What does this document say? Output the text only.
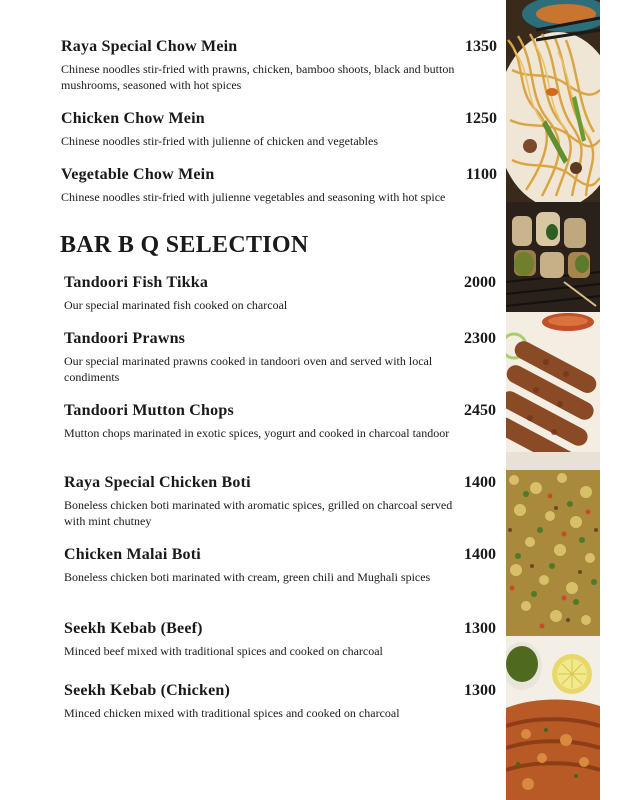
Raya Special Chow Mein	1350
Chinese noodles stir-fried with prawns, chicken, bamboo shoots, black and button mushrooms, seasoned with hot spices
Chicken Chow Mein	1250
Chinese noodles stir-fried with julienne of chicken and vegetables
Vegetable Chow Mein	1100
Chinese noodles stir-fried with julienne vegetables and seasoning with hot spice
BAR B Q SELECTION
Tandoori Fish Tikka	2000
Our special marinated fish cooked on charcoal
Tandoori Prawns	2300
Our special marinated prawns cooked in tandoori oven and served with local condiments
Tandoori Mutton Chops	2450
Mutton chops marinated in exotic spices, yogurt and cooked in charcoal tandoor
Raya Special Chicken Boti	1400
Boneless chicken boti marinated with aromatic spices, grilled on charcoal served with mint chutney
Chicken Malai Boti	1400
Boneless chicken boti marinated with cream, green chili and Mughali spices
Seekh Kebab (Beef)	1300
Minced beef mixed with traditional spices and cooked on charcoal
Seekh Kebab (Chicken)	1300
Minced chicken mixed with traditional spices and cooked on charcoal
